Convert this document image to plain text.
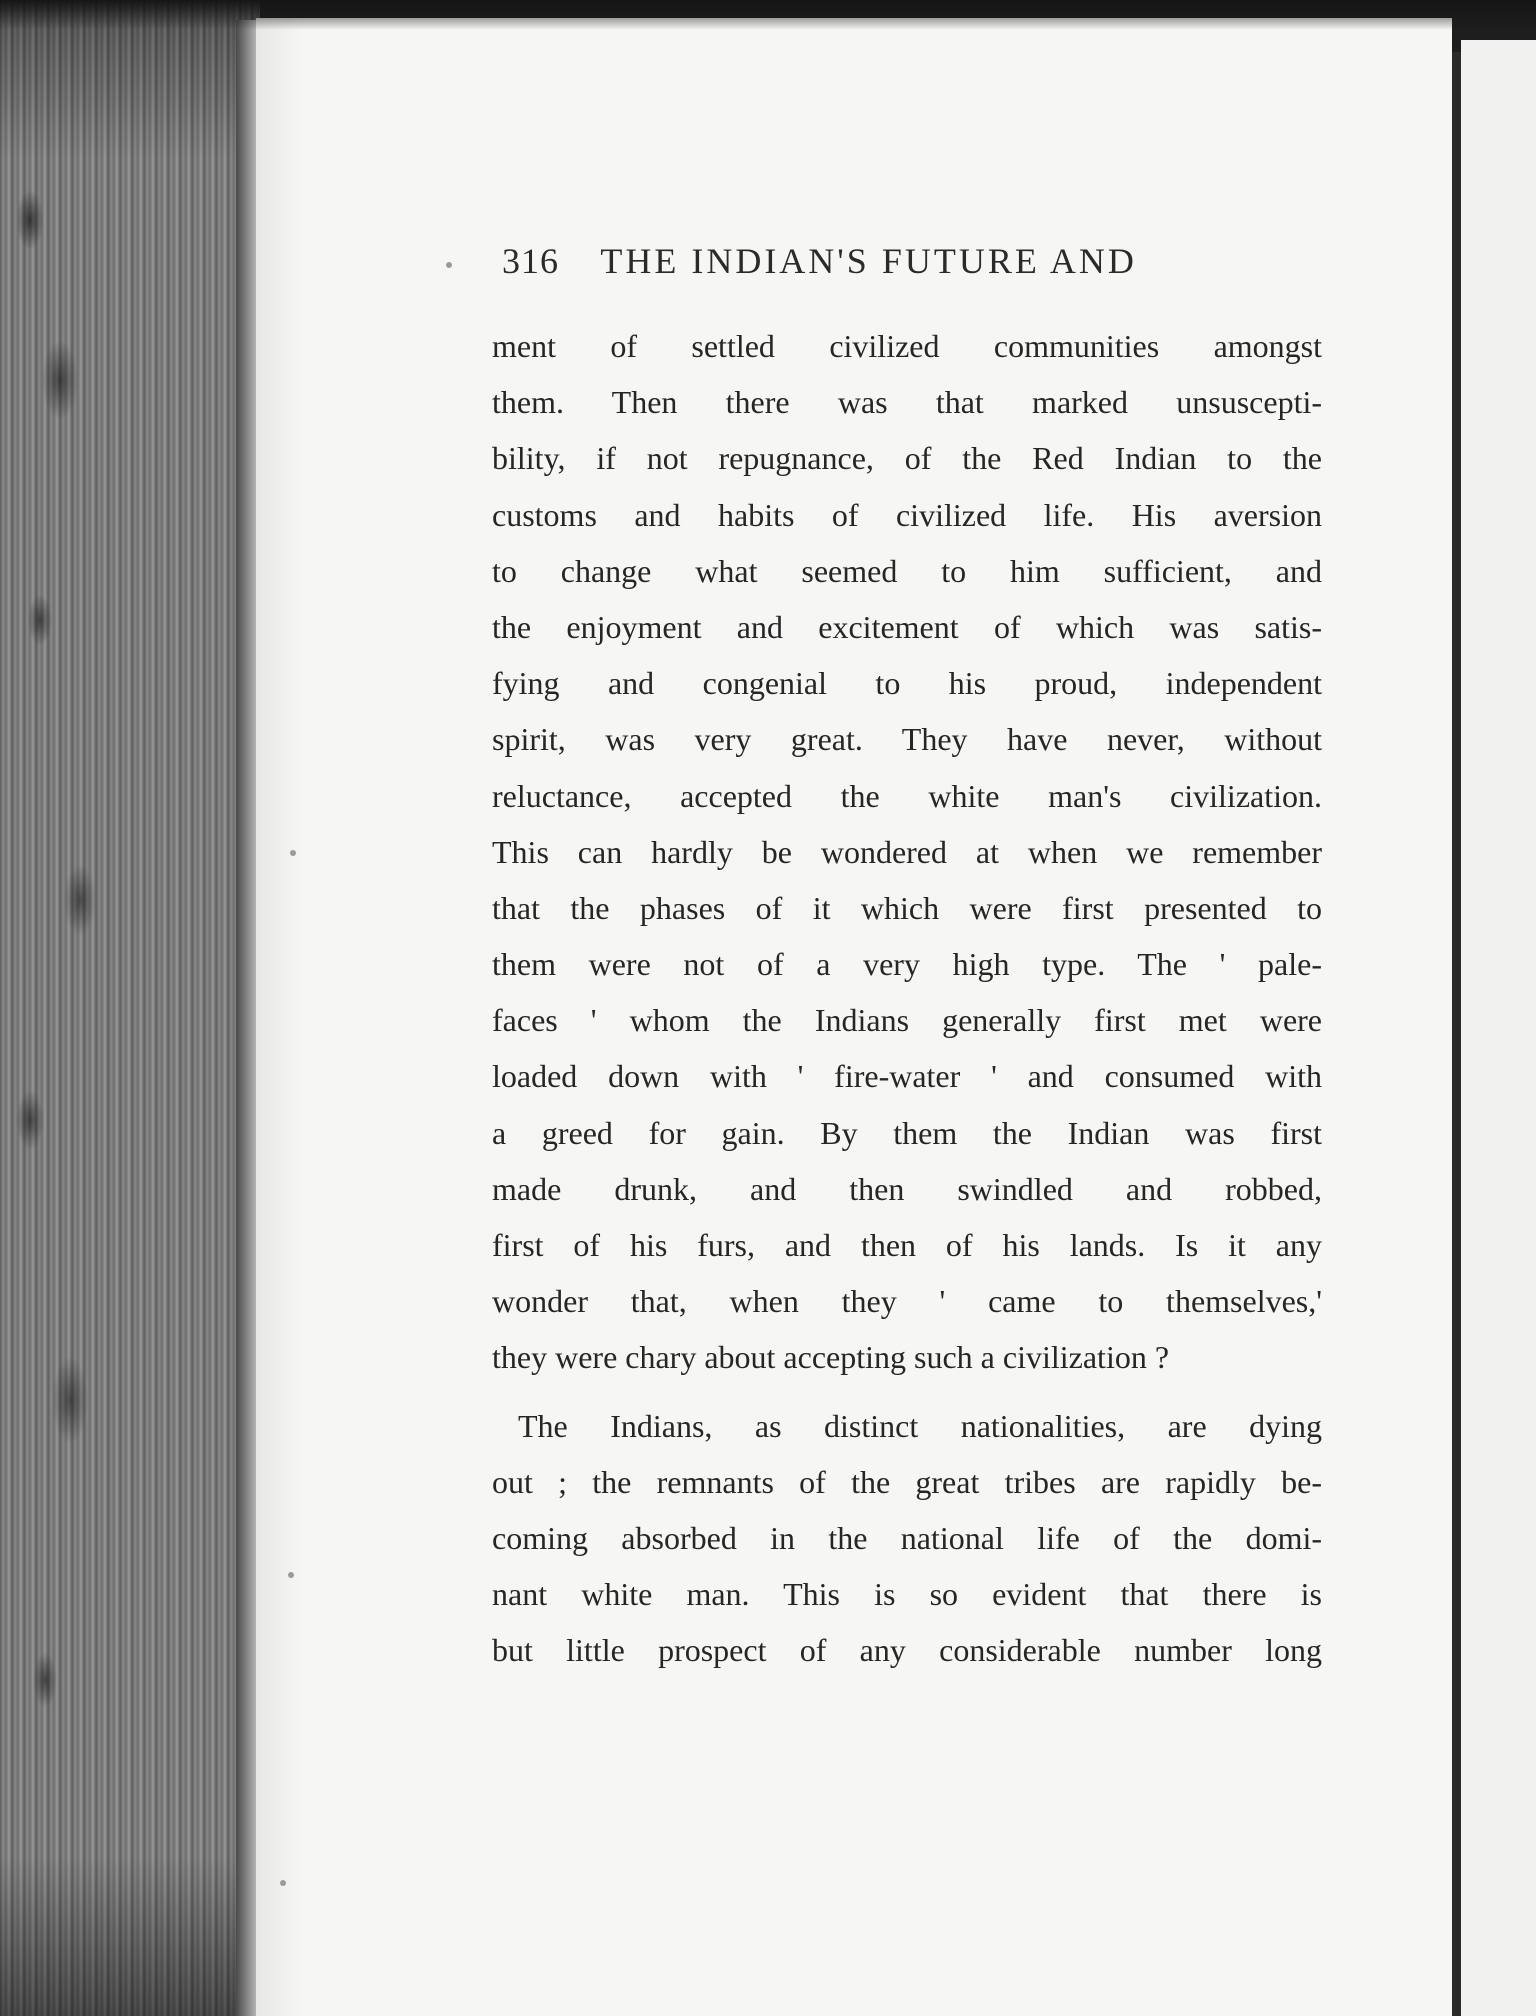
316 THE INDIAN'S FUTURE AND
ment of settled civilized communities amongst
them. Then there was that marked unsuscepti-
bility, if not repugnance, of the Red Indian to the
customs and habits of civilized life. His aversion
to change what seemed to him sufficient, and
the enjoyment and excitement of which was satis-
fying and congenial to his proud, independent
spirit, was very great. They have never, without
reluctance, accepted the white man's civilization.
This can hardly be wondered at when we remember
that the phases of it which were first presented to
them were not of a very high type. The ' pale-
faces ' whom the Indians generally first met were
loaded down with ' fire-water ' and consumed with
a greed for gain. By them the Indian was first
made drunk, and then swindled and robbed,
first of his furs, and then of his lands. Is it any
wonder that, when they ' came to themselves,'
they were chary about accepting such a civilization ?
The Indians, as distinct nationalities, are dying
out ; the remnants of the great tribes are rapidly be-
coming absorbed in the national life of the domi-
nant white man. This is so evident that there is
but little prospect of any considerable number long
